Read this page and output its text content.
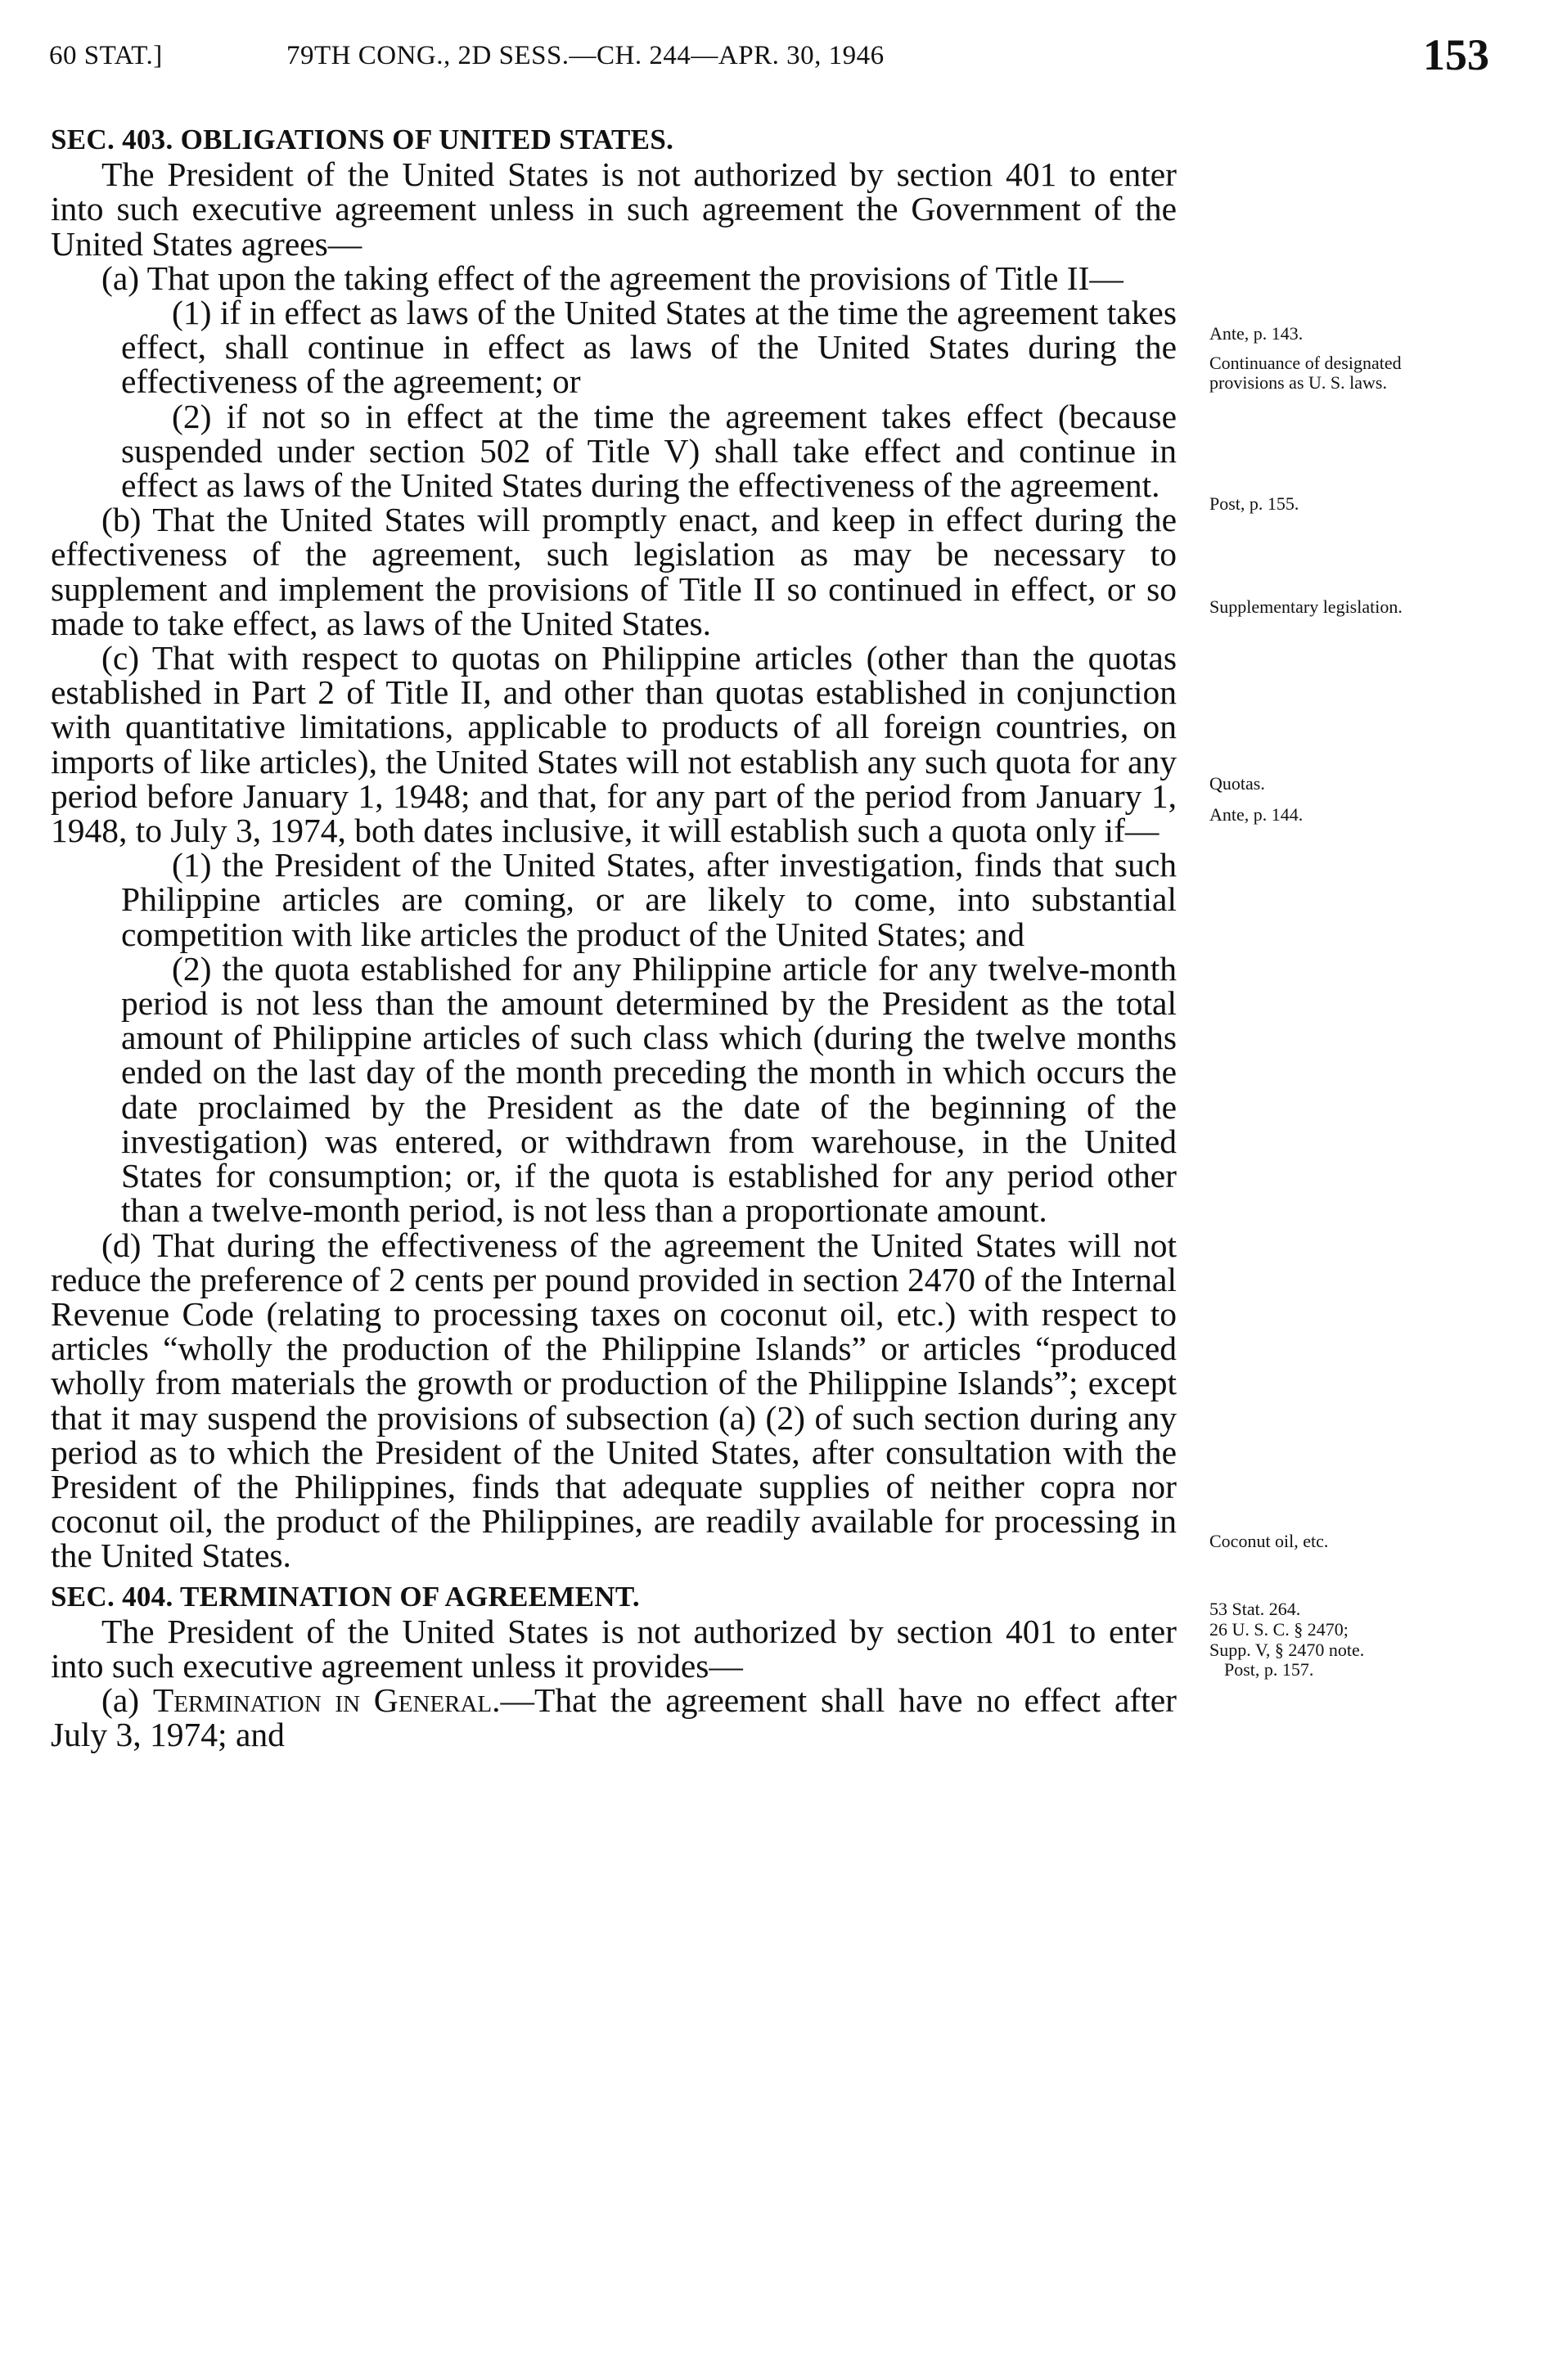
60 STAT.]	79TH CONG., 2D SESS.—CH. 244—APR. 30, 1946	153

SEC. 403. OBLIGATIONS OF UNITED STATES.

The President of the United States is not authorized by section 401 to enter into such executive agreement unless in such agreement the Government of the United States agrees—

(a) That upon the taking effect of the agreement the provisions of Title II—

(1) if in effect as laws of the United States at the time the agreement takes effect, shall continue in effect as laws of the United States during the effectiveness of the agreement; or

(2) if not so in effect at the time the agreement takes effect (because suspended under section 502 of Title V) shall take effect and continue in effect as laws of the United States during the effectiveness of the agreement.

(b) That the United States will promptly enact, and keep in effect during the effectiveness of the agreement, such legislation as may be necessary to supplement and implement the provisions of Title II so continued in effect, or so made to take effect, as laws of the United States.

(c) That with respect to quotas on Philippine articles (other than the quotas established in Part 2 of Title II, and other than quotas established in conjunction with quantitative limitations, applicable to products of all foreign countries, on imports of like articles), the United States will not establish any such quota for any period before January 1, 1948; and that, for any part of the period from January 1, 1948, to July 3, 1974, both dates inclusive, it will establish such a quota only if—

(1) the President of the United States, after investigation, finds that such Philippine articles are coming, or are likely to come, into substantial competition with like articles the product of the United States; and

(2) the quota established for any Philippine article for any twelve-month period is not less than the amount determined by the President as the total amount of Philippine articles of such class which (during the twelve months ended on the last day of the month preceding the month in which occurs the date proclaimed by the President as the date of the beginning of the investigation) was entered, or withdrawn from warehouse, in the United States for consumption; or, if the quota is established for any period other than a twelve-month period, is not less than a proportionate amount.

(d) That during the effectiveness of the agreement the United States will not reduce the preference of 2 cents per pound provided in section 2470 of the Internal Revenue Code (relating to processing taxes on coconut oil, etc.) with respect to articles “wholly the production of the Philippine Islands” or articles “produced wholly from materials the growth or production of the Philippine Islands”; except that it may suspend the provisions of subsection (a) (2) of such section during any period as to which the President of the United States, after consultation with the President of the Philippines, finds that adequate supplies of neither copra nor coconut oil, the product of the Philippines, are readily available for processing in the United States.

SEC. 404. TERMINATION OF AGREEMENT.

The President of the United States is not authorized by section 401 to enter into such executive agreement unless it provides—

(a) Termination in General.—That the agreement shall have no effect after July 3, 1974; and

Ante, p. 143.
Continuance of designated provisions as U. S. laws.
Post, p. 155.
Supplementary legislation.
Quotas.
Ante, p. 144.
Coconut oil, etc.
53 Stat. 264.
26 U. S. C. § 2470;
Supp. V, § 2470 note.
Post, p. 157.
